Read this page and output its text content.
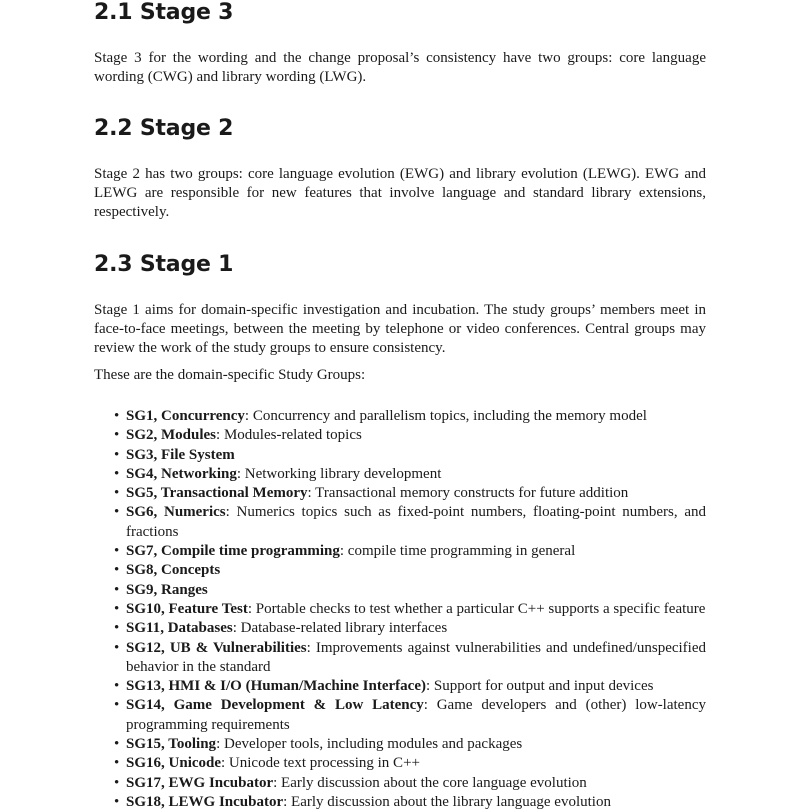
2.1 Stage 3

Stage 3 for the wording and the change proposal’s consistency have two groups: core language wording (CWG) and library wording (LWG).

2.2 Stage 2

Stage 2 has two groups: core language evolution (EWG) and library evolution (LEWG). EWG and LEWG are responsible for new features that involve language and standard library extensions, respectively.

2.3 Stage 1

Stage 1 aims for domain-specific investigation and incubation. The study groups’ members meet in face-to-face meetings, between the meeting by telephone or video conferences. Central groups may review the work of the study groups to ensure consistency.

These are the domain-specific Study Groups:

• SG1, Concurrency: Concurrency and parallelism topics, including the memory model
• SG2, Modules: Modules-related topics
• SG3, File System
• SG4, Networking: Networking library development
• SG5, Transactional Memory: Transactional memory constructs for future addition
• SG6, Numerics: Numerics topics such as fixed-point numbers, floating-point numbers, and fractions
• SG7, Compile time programming: compile time programming in general
• SG8, Concepts
• SG9, Ranges
• SG10, Feature Test: Portable checks to test whether a particular C++ supports a specific feature
• SG11, Databases: Database-related library interfaces
• SG12, UB & Vulnerabilities: Improvements against vulnerabilities and undefined/unspecified behavior in the standard
• SG13, HMI & I/O (Human/Machine Interface): Support for output and input devices
• SG14, Game Development & Low Latency: Game developers and (other) low-latency programming requirements
• SG15, Tooling: Developer tools, including modules and packages
• SG16, Unicode: Unicode text processing in C++
• SG17, EWG Incubator: Early discussion about the core language evolution
• SG18, LEWG Incubator: Early discussion about the library language evolution
